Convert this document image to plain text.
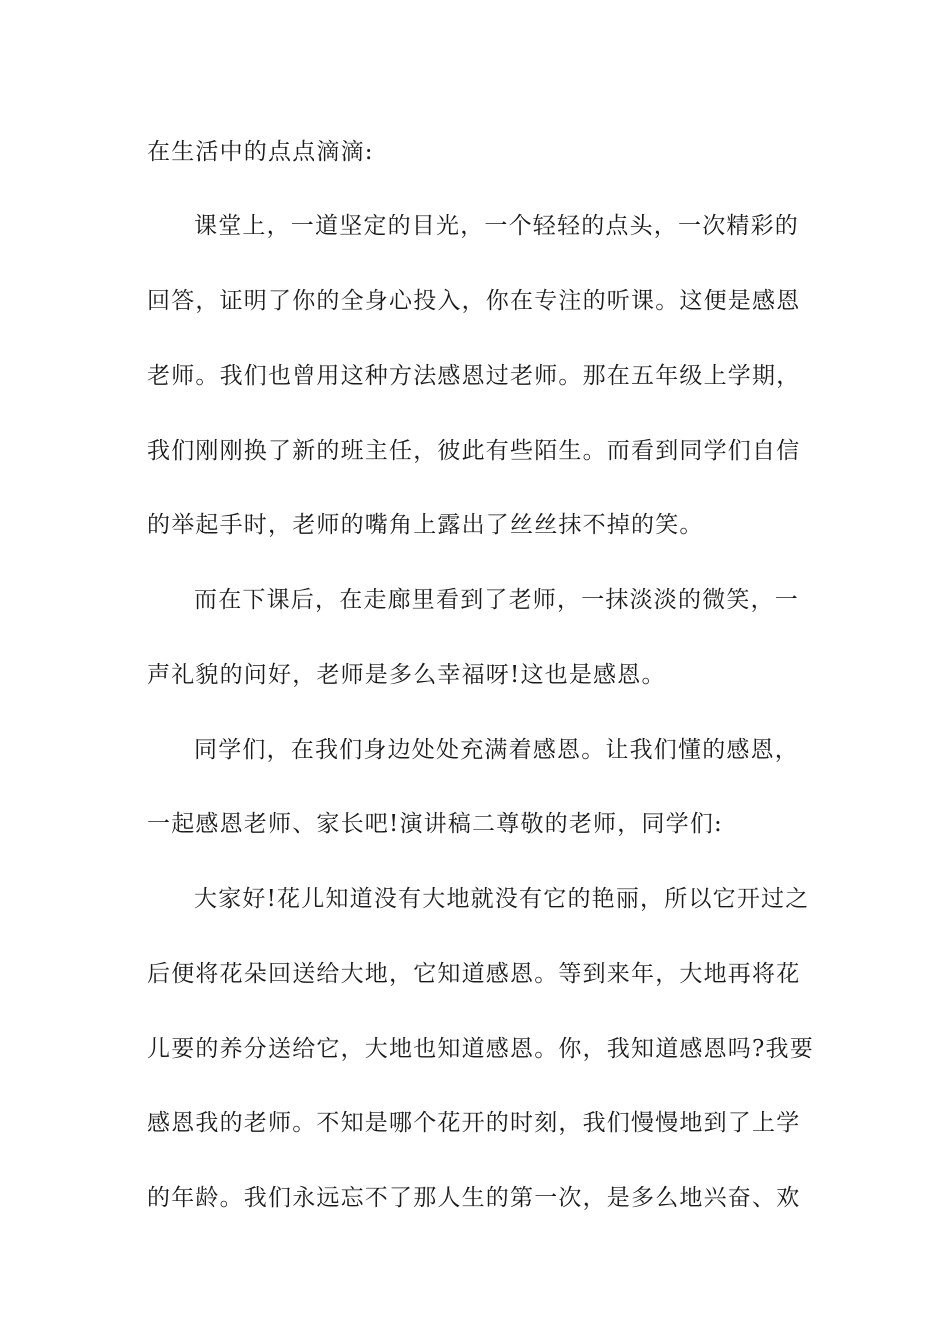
在生活中的点点滴滴:
课堂上，一道坚定的目光，一个轻轻的点头，一次精彩的
回答，证明了你的全身心投入，你在专注的听课。这便是感恩
老师。我们也曾用这种方法感恩过老师。那在五年级上学期，
我们刚刚换了新的班主任，彼此有些陌生。而看到同学们自信
的举起手时，老师的嘴角上露出了丝丝抹不掉的笑。
而在下课后，在走廊里看到了老师，一抹淡淡的微笑，一
声礼貌的问好，老师是多么幸福呀!这也是感恩。
同学们，在我们身边处处充满着感恩。让我们懂的感恩，
一起感恩老师、家长吧!演讲稿二尊敬的老师，同学们:
大家好!花儿知道没有大地就没有它的艳丽，所以它开过之
后便将花朵回送给大地，它知道感恩。等到来年，大地再将花
儿要的养分送给它，大地也知道感恩。你，我知道感恩吗?我要
感恩我的老师。不知是哪个花开的时刻，我们慢慢地到了上学
的年龄。我们永远忘不了那人生的第一次，是多么地兴奋、欢
